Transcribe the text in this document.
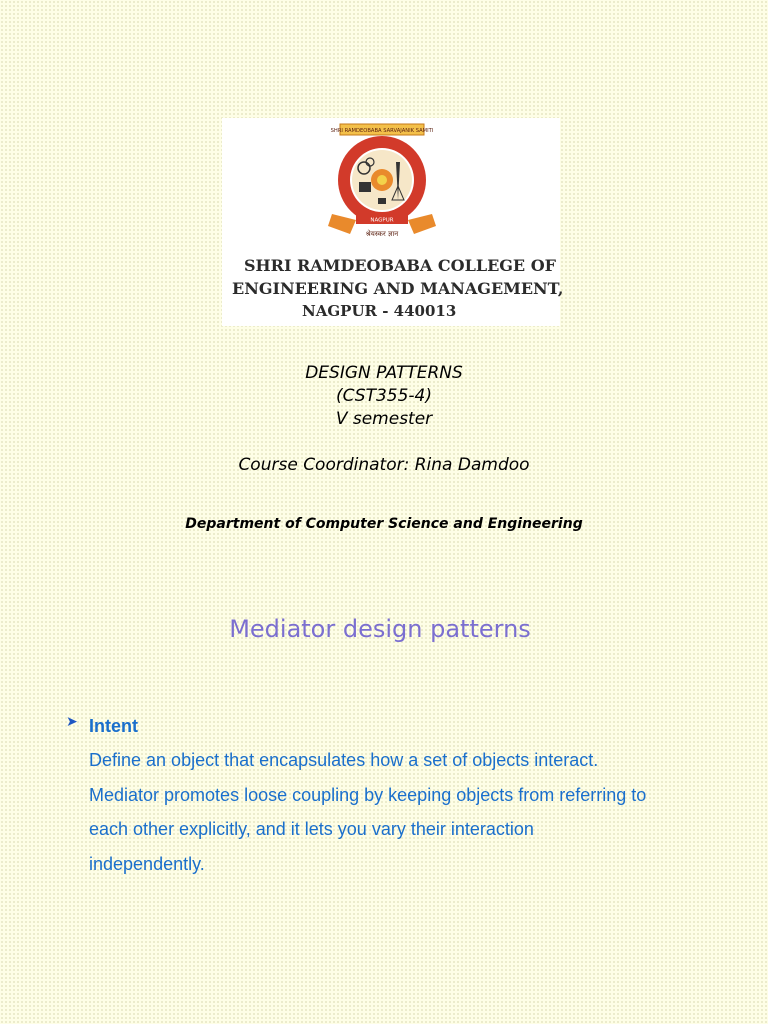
SHRI RAMDEOBABA SARVAJANIK SAMITI
NAGPUR
श्रेयस्कर ज्ञान
SHRI RAMDEOBABA COLLEGE OF
ENGINEERING AND MANAGEMENT,
NAGPUR - 440013
DESIGN PATTERNS
(CST355-4)
V semester
Course Coordinator: Rina Damdoo
Department of Computer Science and Engineering
Mediator design patterns
➤ Intent
Define an object that encapsulates how a set of objects interact.
Mediator promotes loose coupling by keeping objects from referring to
each other explicitly, and it lets you vary their interaction
independently.
